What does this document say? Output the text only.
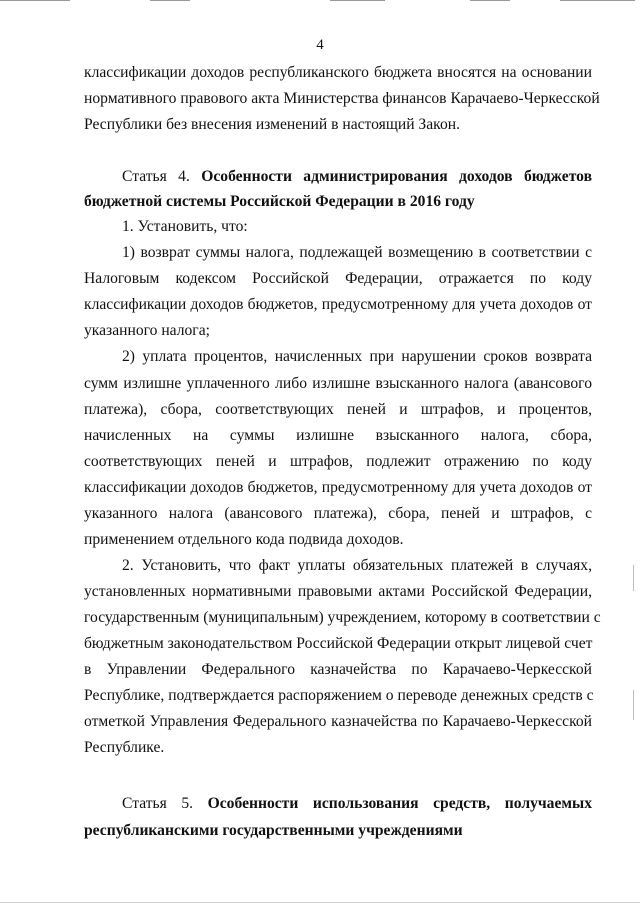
4
классификации доходов республиканского бюджета вносятся на основании
нормативного правового акта Министерства финансов Карачаево-Черкесской
Республики без внесения изменений в настоящий Закон.
Статья 4. Особенности администрирования доходов бюджетов
бюджетной системы Российской Федерации в 2016 году
1. Установить, что:
1) возврат суммы налога, подлежащей возмещению в соответствии с
Налоговым кодексом Российской Федерации, отражается по коду
классификации доходов бюджетов, предусмотренному для учета доходов от
указанного налога;
2) уплата процентов, начисленных при нарушении сроков возврата
сумм излишне уплаченного либо излишне взысканного налога (авансового
платежа), сбора, соответствующих пеней и штрафов, и процентов,
начисленных на суммы излишне взысканного налога, сбора,
соответствующих пеней и штрафов, подлежит отражению по коду
классификации доходов бюджетов, предусмотренному для учета доходов от
указанного налога (авансового платежа), сбора, пеней и штрафов, с
применением отдельного кода подвида доходов.
2. Установить, что факт уплаты обязательных платежей в случаях,
установленных нормативными правовыми актами Российской Федерации,
государственным (муниципальным) учреждением, которому в соответствии с
бюджетным законодательством Российской Федерации открыт лицевой счет
в Управлении Федерального казначейства по Карачаево-Черкесской
Республике, подтверждается распоряжением о переводе денежных средств с
отметкой Управления Федерального казначейства по Карачаево-Черкесской
Республике.
Статья 5. Особенности использования средств, получаемых
республиканскими государственными учреждениями
